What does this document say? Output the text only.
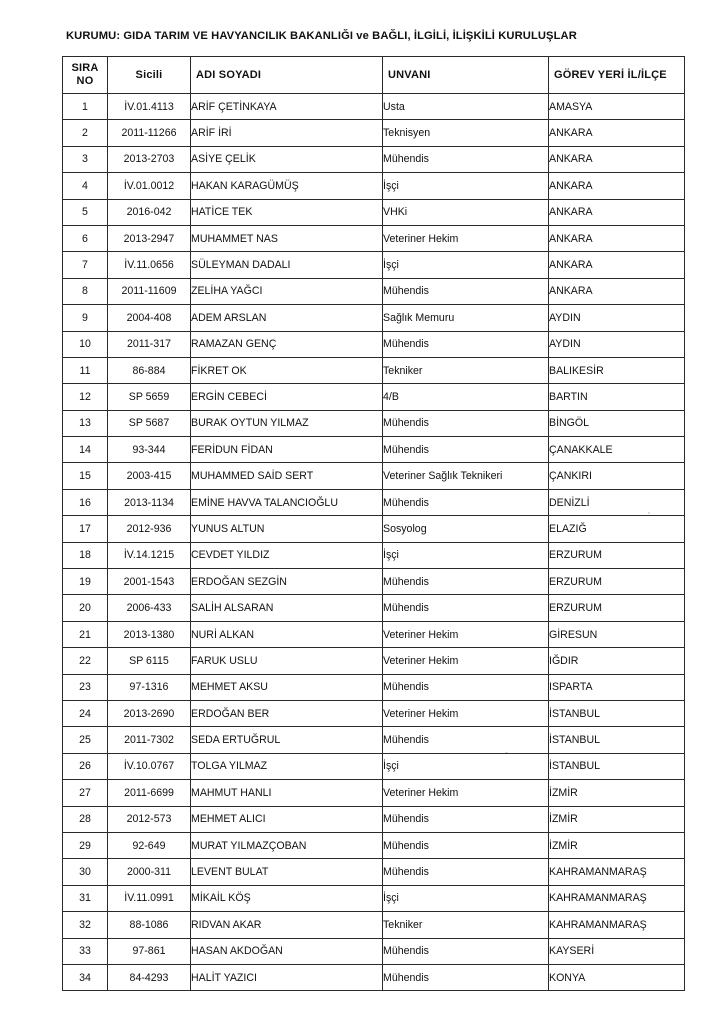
KURUMU: GIDA TARIM VE HAVYANCILIK BAKANLIĞI ve BAĞLI, İLGİLİ, İLİŞKİLİ KURULUŞLAR
SIRA
NO	Sicili	ADI SOYADI	UNVANI	GÖREV YERİ İL/İLÇE
1	İV.01.4113	ARİF ÇETİNKAYA	Usta	AMASYA
2	2011-11266	ARİF İRİ	Teknisyen	ANKARA
3	2013-2703	ASİYE ÇELİK	Mühendis	ANKARA
4	İV.01.0012	HAKAN KARAGÜMÜŞ	İşçi	ANKARA
5	2016-042	HATİCE TEK	VHKi	ANKARA
6	2013-2947	MUHAMMET NAS	Veteriner Hekim	ANKARA
7	İV.11.0656	SÜLEYMAN DADALI	İşçi	ANKARA
8	2011-11609	ZELİHA YAĞCI	Mühendis	ANKARA
9	2004-408	ADEM ARSLAN	Sağlık Memuru	AYDIN
10	2011-317	RAMAZAN GENÇ	Mühendis	AYDIN
11	86-884	FİKRET OK	Tekniker	BALIKESİR
12	SP 5659	ERGİN CEBECİ	4/B	BARTIN
13	SP 5687	BURAK OYTUN YILMAZ	Mühendis	BİNGÖL
14	93-344	FERİDUN FİDAN	Mühendis	ÇANAKKALE
15	2003-415	MUHAMMED SAİD SERT	Veteriner Sağlık Teknikeri	ÇANKIRI
16	2013-1134	EMİNE HAVVA TALANCIOĞLU	Mühendis	DENİZLİ
17	2012-936	YUNUS ALTUN	Sosyolog	ELAZIĞ
18	İV.14.1215	CEVDET YILDIZ	İşçi	ERZURUM
19	2001-1543	ERDOĞAN SEZGİN	Mühendis	ERZURUM
20	2006-433	SALİH ALSARAN	Mühendis	ERZURUM
21	2013-1380	NURİ ALKAN	Veteriner Hekim	GİRESUN
22	SP 6115	FARUK USLU	Veteriner Hekim	IĞDIR
23	97-1316	MEHMET AKSU	Mühendis	ISPARTA
24	2013-2690	ERDOĞAN BER	Veteriner Hekim	İSTANBUL
25	2011-7302	SEDA ERTUĞRUL	Mühendis	İSTANBUL
26	İV.10.0767	TOLGA YILMAZ	İşçi	İSTANBUL
27	2011-6699	MAHMUT HANLI	Veteriner Hekim	İZMİR
28	2012-573	MEHMET ALICI	Mühendis	İZMİR
29	92-649	MURAT YILMAZÇOBAN	Mühendis	İZMİR
30	2000-311	LEVENT BULAT	Mühendis	KAHRAMANMARAŞ
31	İV.11.0991	MİKAİL KÖŞ	İşçi	KAHRAMANMARAŞ
32	88-1086	RIDVAN AKAR	Tekniker	KAHRAMANMARAŞ
33	97-861	HASAN AKDOĞAN	Mühendis	KAYSERİ
34	84-4293	HALİT YAZICI	Mühendis	KONYA
